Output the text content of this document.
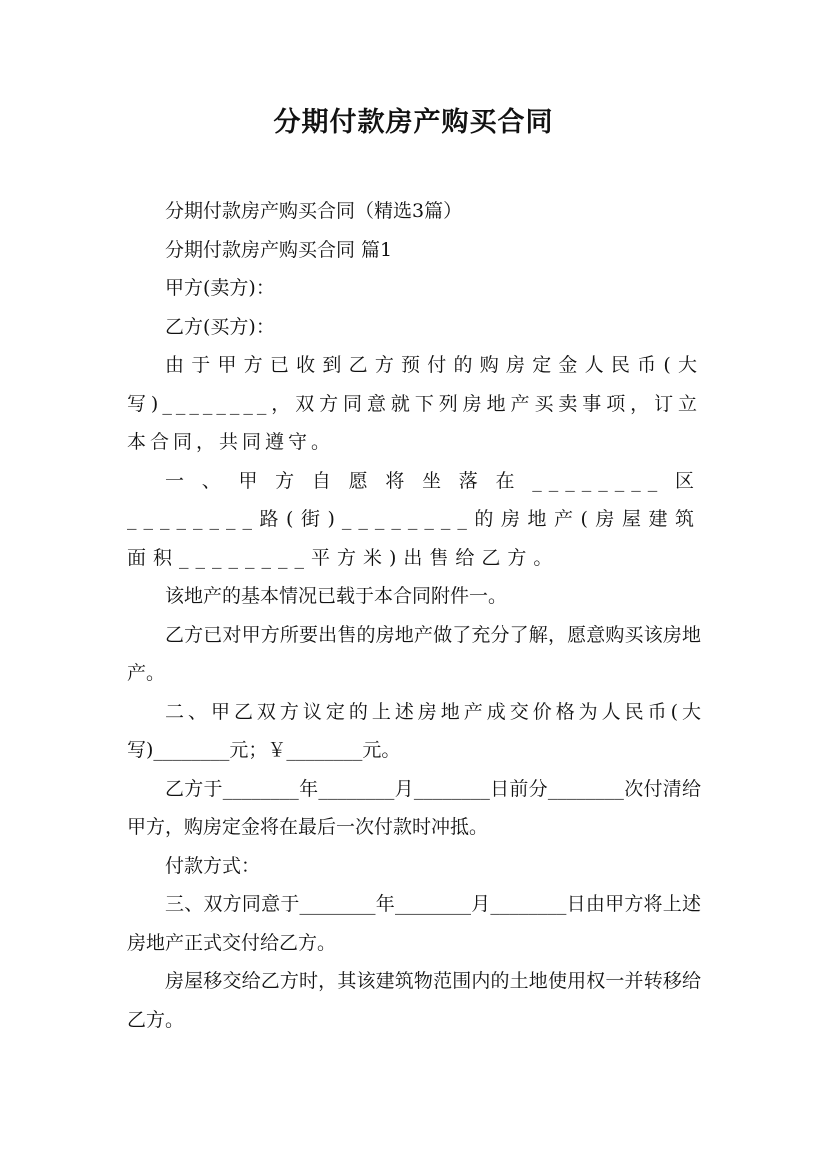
分期付款房产购买合同

分期付款房产购买合同（精选3篇）

分期付款房产购买合同 篇1

甲方(卖方)：

乙方(买方)：

由于甲方已收到乙方预付的购房定金人民币(大写)________，双方同意就下列房地产买卖事项，订立本合同，共同遵守。

一、甲方自愿将坐落在________区________路(街)________的房地产(房屋建筑面积________平方米)出售给乙方。

该地产的基本情况已载于本合同附件一。

乙方已对甲方所要出售的房地产做了充分了解，愿意购买该房地产。

二、甲乙双方议定的上述房地产成交价格为人民币(大写)________元；￥________元。

乙方于________年________月________日前分________次付清给甲方，购房定金将在最后一次付款时冲抵。

付款方式：

三、双方同意于________年________月________日由甲方将上述房地产正式交付给乙方。

房屋移交给乙方时，其该建筑物范围内的土地使用权一并转移给乙方。
